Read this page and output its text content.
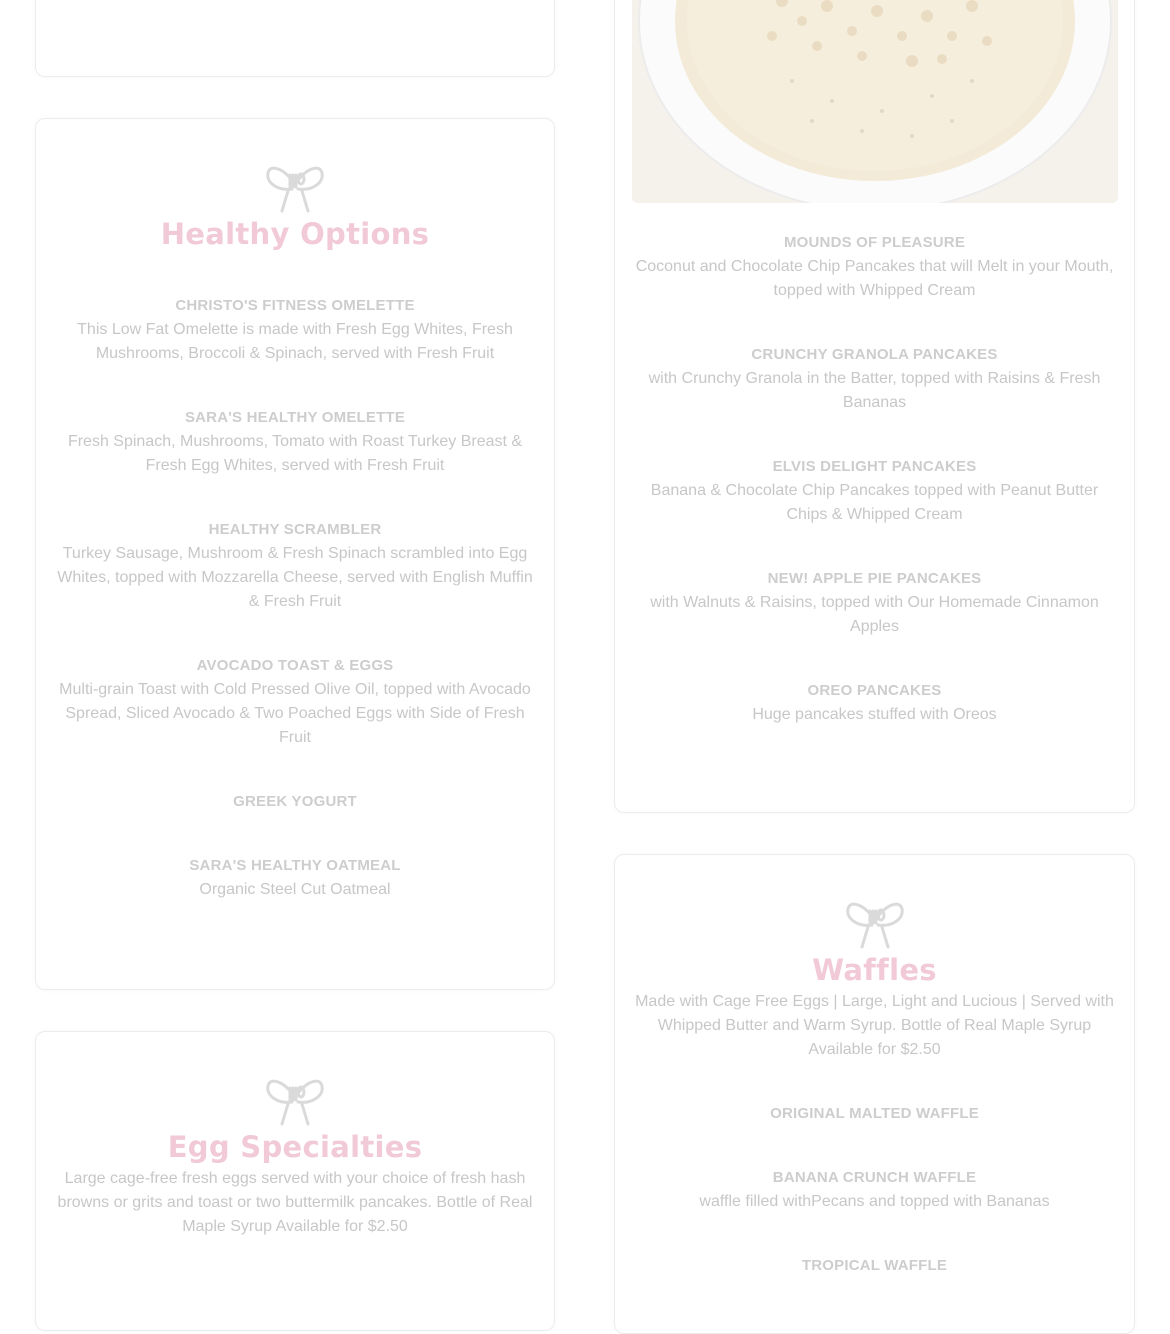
Healthy Options
CHRISTO'S FITNESS OMELETTE
This Low Fat Omelette is made with Fresh Egg Whites, Fresh Mushrooms, Broccoli & Spinach, served with Fresh Fruit
SARA'S HEALTHY OMELETTE
Fresh Spinach, Mushrooms, Tomato with Roast Turkey Breast & Fresh Egg Whites, served with Fresh Fruit
HEALTHY SCRAMBLER
Turkey Sausage, Mushroom & Fresh Spinach scrambled into Egg Whites, topped with Mozzarella Cheese, served with English Muffin & Fresh Fruit
AVOCADO TOAST & EGGS
Multi-grain Toast with Cold Pressed Olive Oil, topped with Avocado Spread, Sliced Avocado & Two Poached Eggs with Side of Fresh Fruit
GREEK YOGURT
SARA'S HEALTHY OATMEAL
Organic Steel Cut Oatmeal
Egg Specialties
Large cage-free fresh eggs served with your choice of fresh hash browns or grits and toast or two buttermilk pancakes. Bottle of Real Maple Syrup Available for $2.50
MOUNDS OF PLEASURE
Coconut and Chocolate Chip Pancakes that will Melt in your Mouth, topped with Whipped Cream
CRUNCHY GRANOLA PANCAKES
with Crunchy Granola in the Batter, topped with Raisins & Fresh Bananas
ELVIS DELIGHT PANCAKES
Banana & Chocolate Chip Pancakes topped with Peanut Butter Chips & Whipped Cream
NEW! APPLE PIE PANCAKES
with Walnuts & Raisins, topped with Our Homemade Cinnamon Apples
OREO PANCAKES
Huge pancakes stuffed with Oreos
Waffles
Made with Cage Free Eggs | Large, Light and Lucious | Served with Whipped Butter and Warm Syrup. Bottle of Real Maple Syrup Available for $2.50
ORIGINAL MALTED WAFFLE
BANANA CRUNCH WAFFLE
waffle filled withPecans and topped with Bananas
TROPICAL WAFFLE
